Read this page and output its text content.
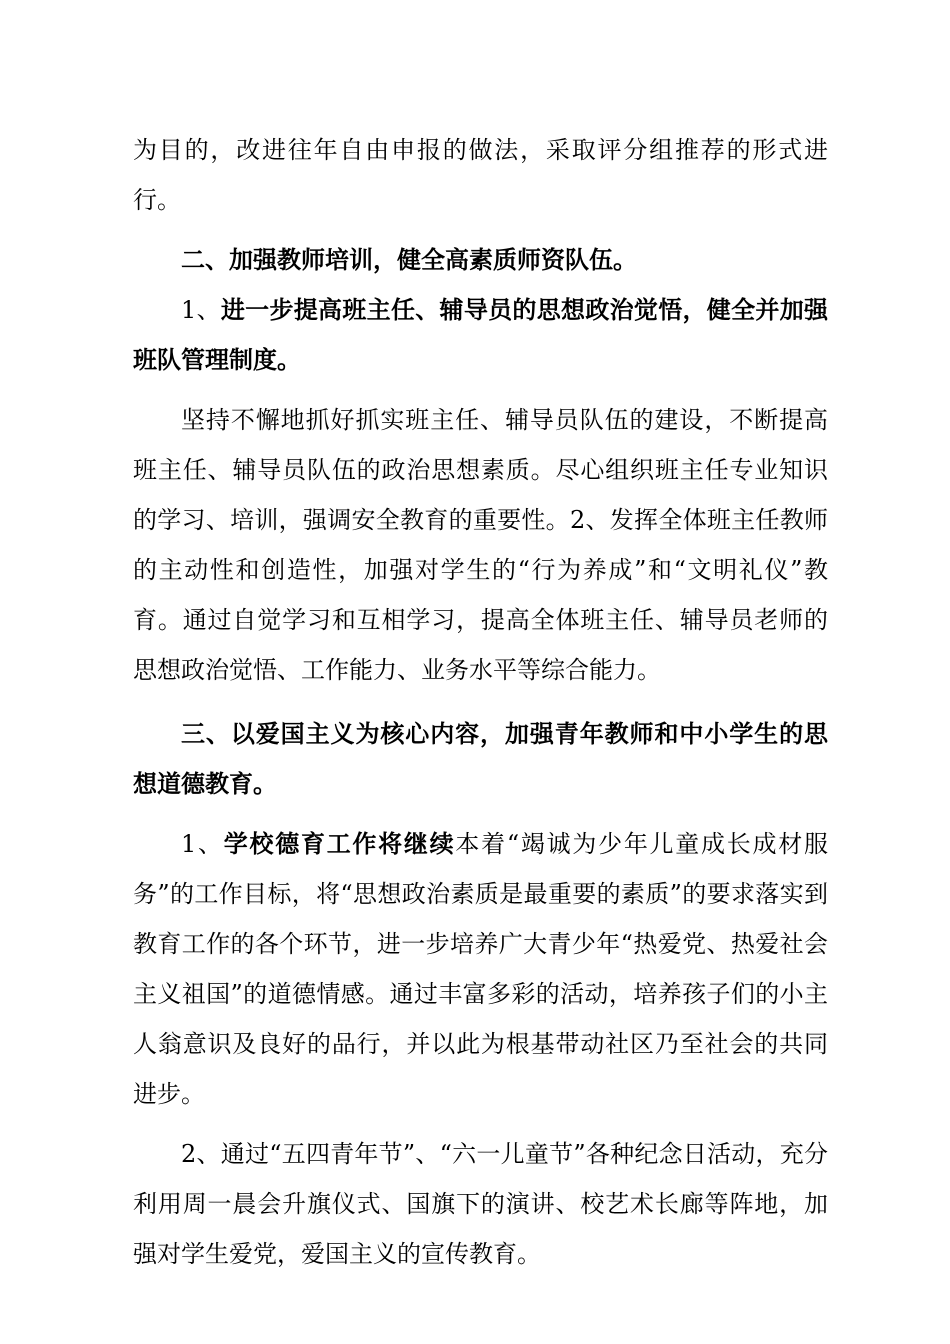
为目的，改进往年自由申报的做法，采取评分组推荐的形式进行。

二、加强教师培训，健全高素质师资队伍。

1、进一步提高班主任、辅导员的思想政治觉悟，健全并加强班队管理制度。

坚持不懈地抓好抓实班主任、辅导员队伍的建设，不断提高班主任、辅导员队伍的政治思想素质。尽心组织班主任专业知识的学习、培训，强调安全教育的重要性。2、发挥全体班主任教师的主动性和创造性，加强对学生的“行为养成”和“文明礼仪”教育。通过自觉学习和互相学习，提高全体班主任、辅导员老师的思想政治觉悟、工作能力、业务水平等综合能力。

三、以爱国主义为核心内容，加强青年教师和中小学生的思想道德教育。

1、学校德育工作将继续本着“竭诚为少年儿童成长成材服务”的工作目标，将“思想政治素质是最重要的素质”的要求落实到教育工作的各个环节，进一步培养广大青少年“热爱党、热爱社会主义祖国”的道德情感。通过丰富多彩的活动，培养孩子们的小主人翁意识及良好的品行，并以此为根基带动社区乃至社会的共同进步。

2、通过“五四青年节”、“六一儿童节”各种纪念日活动，充分利用周一晨会升旗仪式、国旗下的演讲、校艺术长廊等阵地，加强对学生爱党，爱国主义的宣传教育。
